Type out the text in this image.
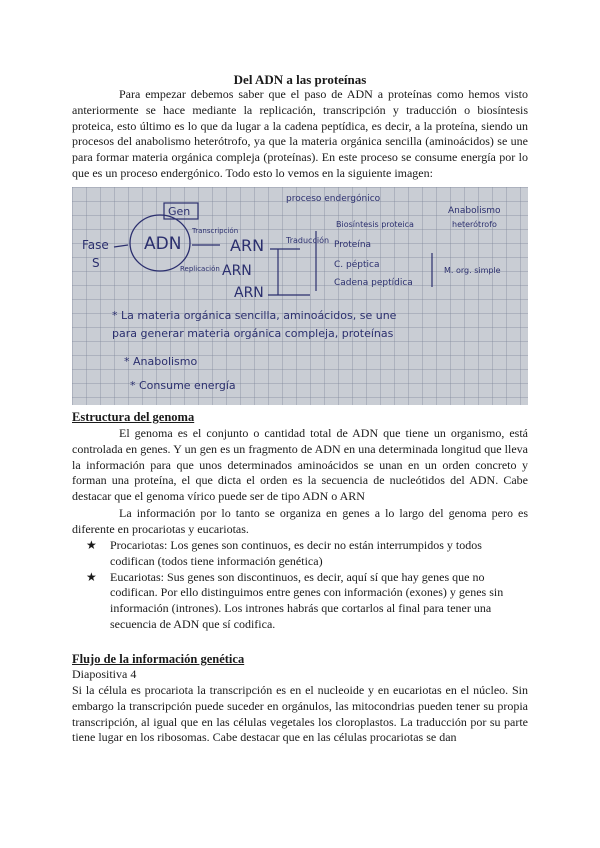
Del ADN a las proteínas

Para empezar debemos saber que el paso de ADN a proteínas como hemos visto anteriormente se hace mediante la replicación, transcripción y traducción o biosíntesis proteica, esto último es lo que da lugar a la cadena peptídica, es decir, a la proteína, siendo un procesos del anabolismo heterótrofo, ya que la materia orgánica sencilla (aminoácidos) se une para formar materia orgánica compleja (proteínas). En este proceso se consume energía por lo que es un proceso endergónico. Todo esto lo vemos en la siguiente imagen:

Gen
ADN
Fase
S
Transcripción
Replicación
ARN
ARN
ARN
Traducción
proceso endergónico
Anabolismo
heterótrofo
Biosíntesis proteica
Proteína
C. péptica
Cadena peptídica
M. org. simple
* La materia orgánica sencilla, aminoácidos, se une
para generar materia orgánica compleja, proteínas
* Anabolismo
* Consume energía
Estructura del genoma

El genoma es el conjunto o cantidad total de ADN que tiene un organismo, está controlada en genes. Y un gen es un fragmento de ADN en una determinada longitud que lleva la información para que unos determinados aminoácidos se unan en un orden concreto y forman una proteína, el que dicta el orden es la secuencia de nucleótidos del ADN. Cabe destacar que el genoma vírico puede ser de tipo ADN o ARN

La información por lo tanto se organiza en genes a lo largo del genoma pero es diferente en procariotas y eucariotas.

★ Procariotas: Los genes son continuos, es decir no están interrumpidos y todos codifican (todos tiene información genética)
★ Eucariotas: Sus genes son discontinuos, es decir, aquí sí que hay genes que no codifican. Por ello distinguimos entre genes con información (exones) y genes sin información (intrones). Los intrones habrás que cortarlos al final para tener una secuencia de ADN que sí codifica.
Flujo de la información genética
Diapositiva 4

Si la célula es procariota la transcripción es en el nucleoide y en eucariotas en el núcleo. Sin embargo la transcripción puede suceder en orgánulos, las mitocondrias pueden tener su propia transcripción, al igual que en las células vegetales los cloroplastos. La traducción por su parte tiene lugar en los ribosomas. Cabe destacar que en las células procariotas se dan
